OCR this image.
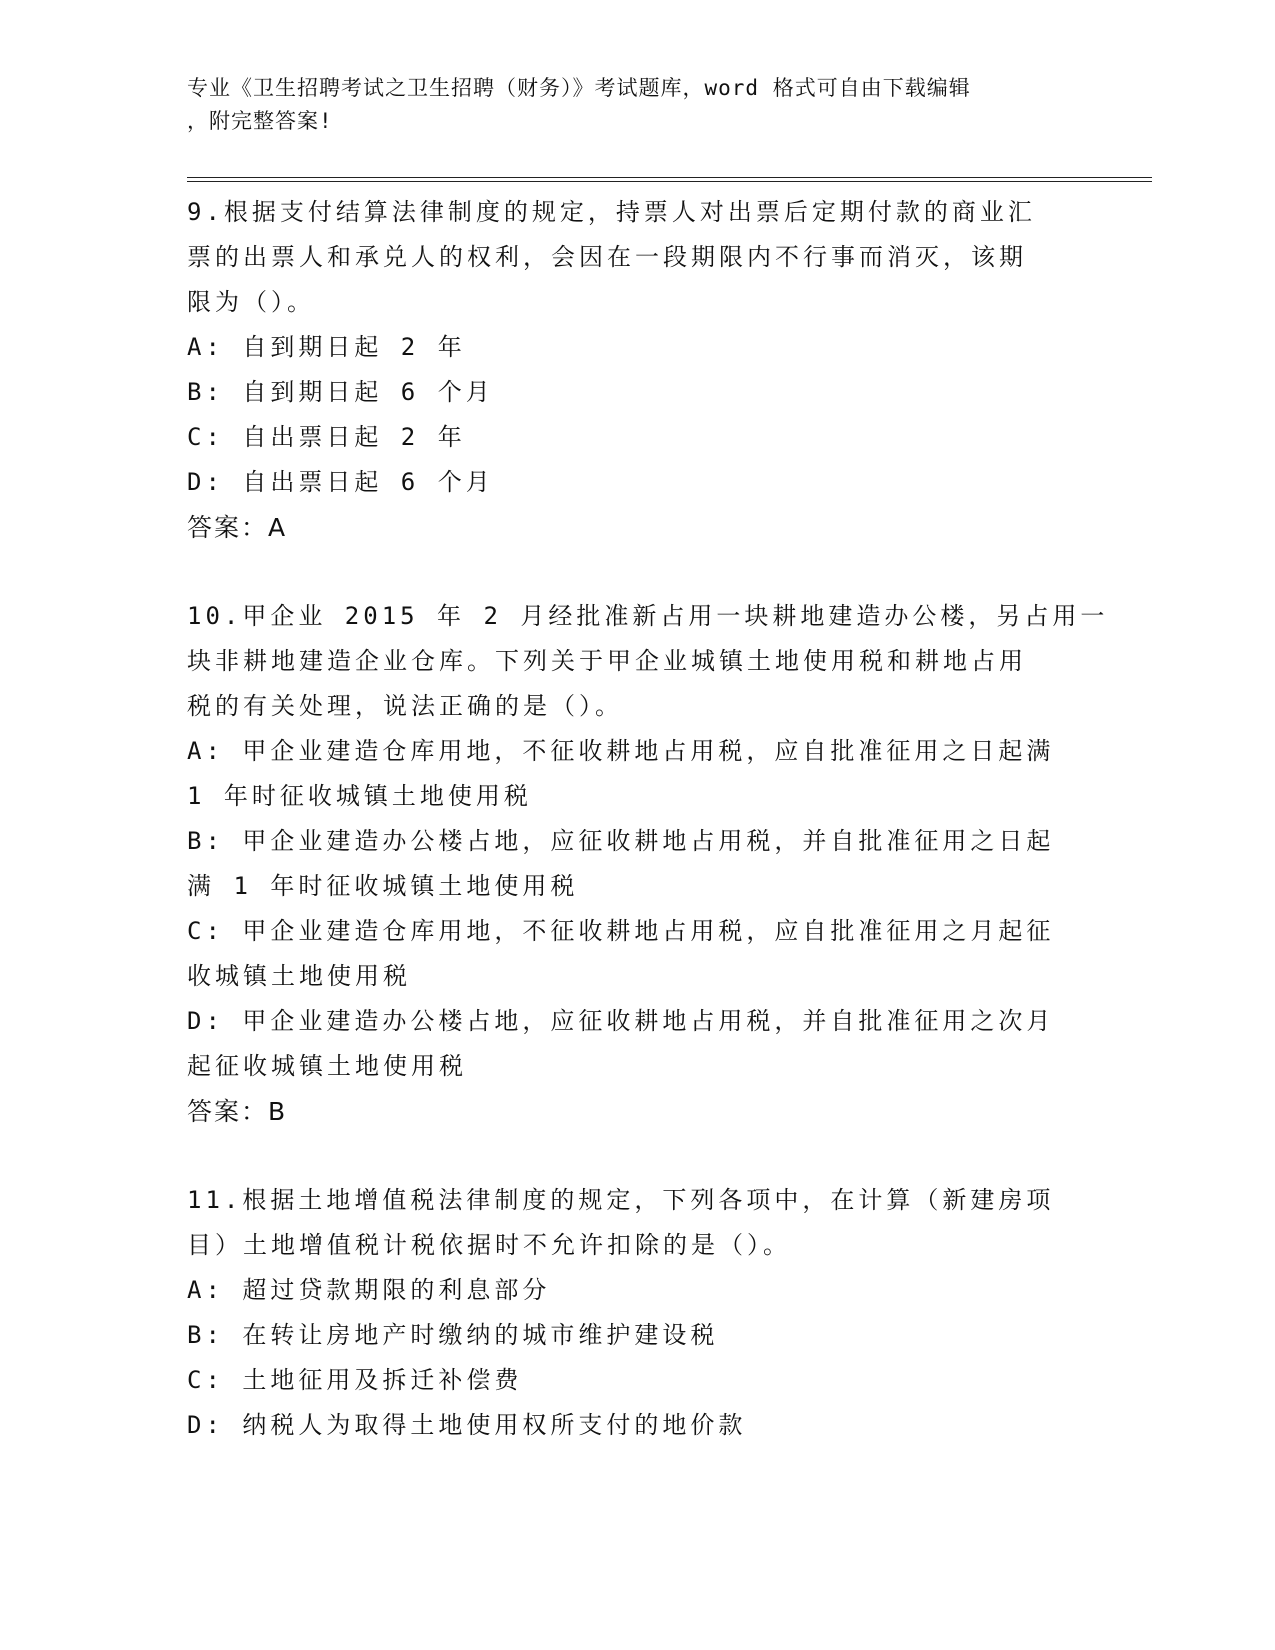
专业《卫生招聘考试之卫生招聘（财务）》考试题库，word 格式可自由下载编辑
，附完整答案!
9.根据支付结算法律制度的规定，持票人对出票后定期付款的商业汇
票的出票人和承兑人的权利，会因在一段期限内不行事而消灭，该期
限为（）。
A: 自到期日起 2 年
B: 自到期日起 6 个月
C: 自出票日起 2 年
D: 自出票日起 6 个月
答案：A
10.甲企业 2015 年 2 月经批准新占用一块耕地建造办公楼，另占用一
块非耕地建造企业仓库。下列关于甲企业城镇土地使用税和耕地占用
税的有关处理，说法正确的是（）。
A: 甲企业建造仓库用地，不征收耕地占用税，应自批准征用之日起满
1 年时征收城镇土地使用税
B: 甲企业建造办公楼占地，应征收耕地占用税，并自批准征用之日起
满 1 年时征收城镇土地使用税
C: 甲企业建造仓库用地，不征收耕地占用税，应自批准征用之月起征
收城镇土地使用税
D: 甲企业建造办公楼占地，应征收耕地占用税，并自批准征用之次月
起征收城镇土地使用税
答案：B
11.根据土地增值税法律制度的规定，下列各项中，在计算（新建房项
目）土地增值税计税依据时不允许扣除的是（）。
A: 超过贷款期限的利息部分
B: 在转让房地产时缴纳的城市维护建设税
C: 土地征用及拆迁补偿费
D: 纳税人为取得土地使用权所支付的地价款
